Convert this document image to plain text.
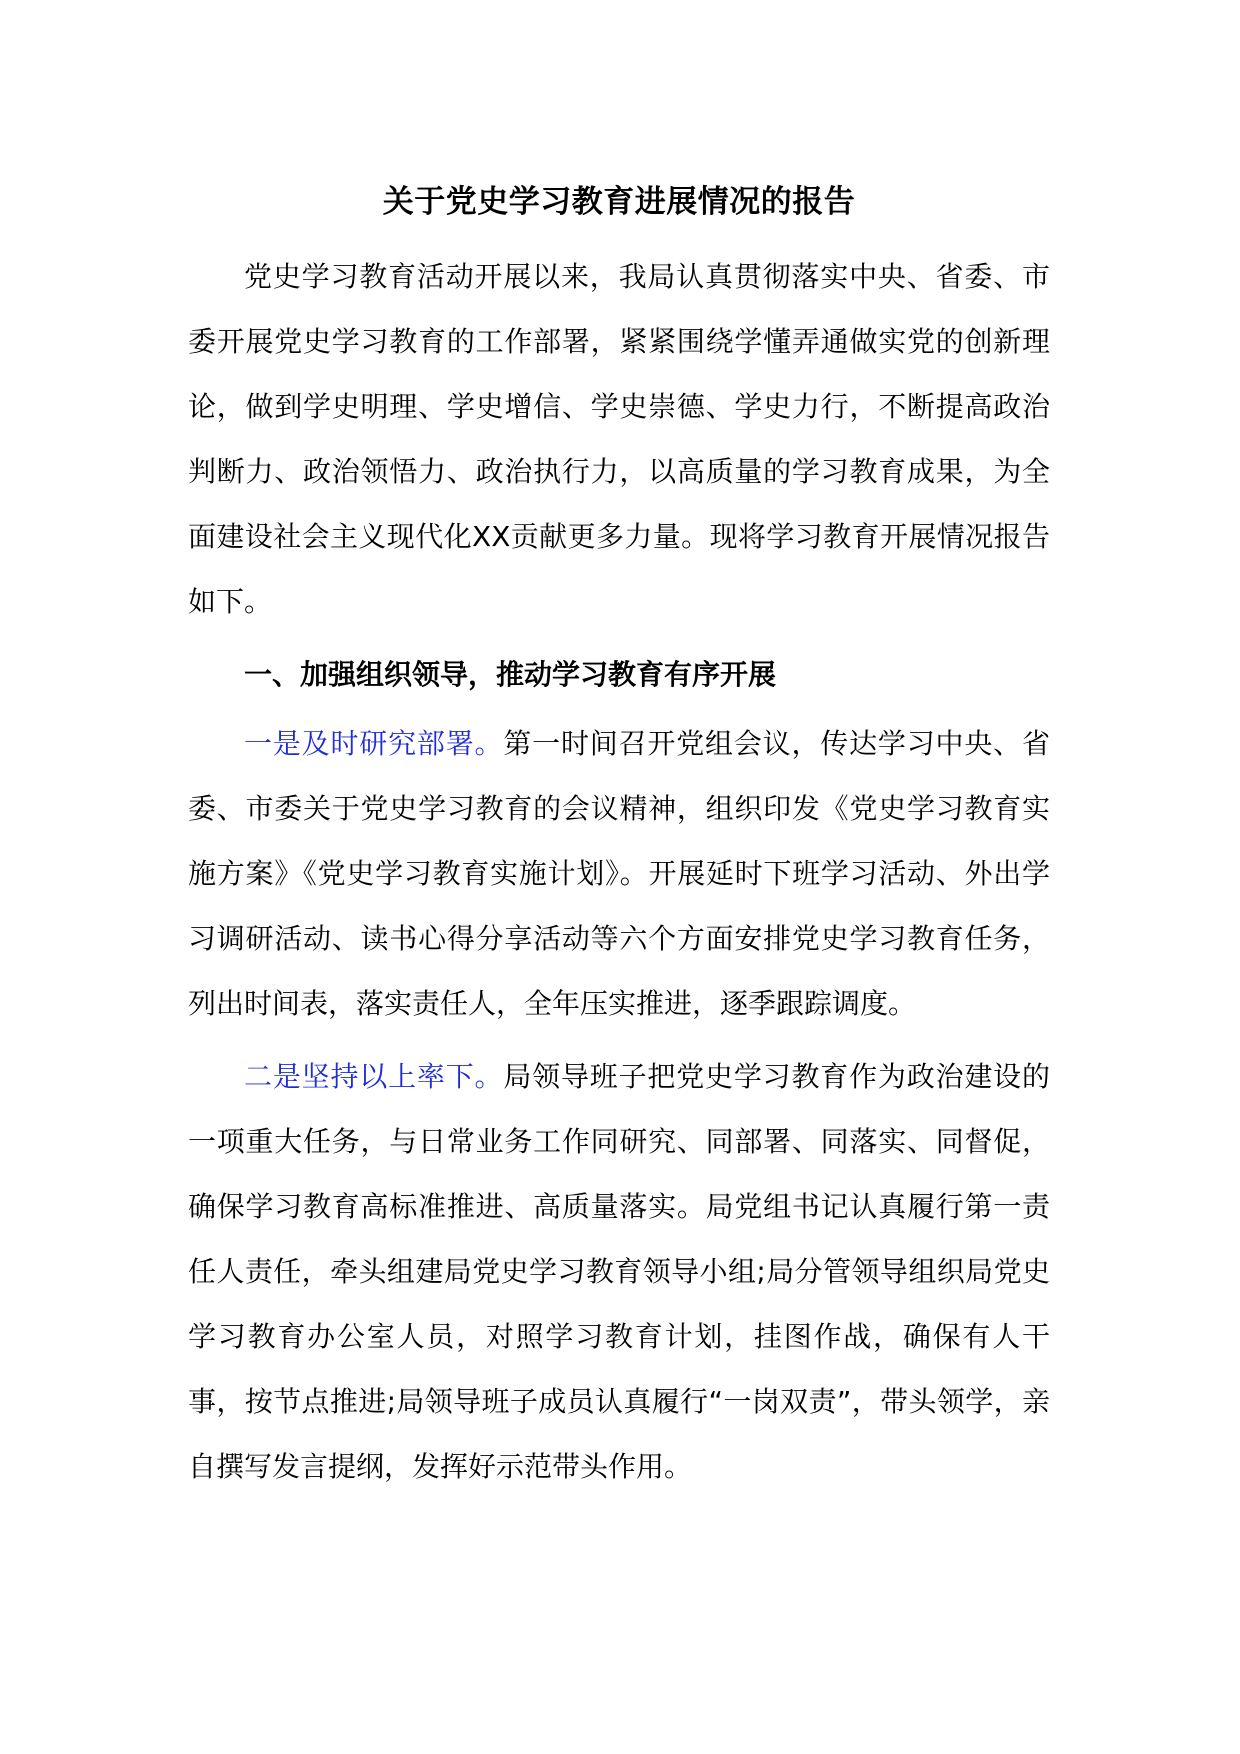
关于党史学习教育进展情况的报告

党史学习教育活动开展以来，我局认真贯彻落实中央、省委、市委开展党史学习教育的工作部署，紧紧围绕学懂弄通做实党的创新理论，做到学史明理、学史增信、学史崇德、学史力行，不断提高政治判断力、政治领悟力、政治执行力，以高质量的学习教育成果，为全面建设社会主义现代化XX贡献更多力量。现将学习教育开展情况报告如下。

一、加强组织领导，推动学习教育有序开展

一是及时研究部署。第一时间召开党组会议，传达学习中央、省委、市委关于党史学习教育的会议精神，组织印发《党史学习教育实施方案》《党史学习教育实施计划》。开展延时下班学习活动、外出学习调研活动、读书心得分享活动等六个方面安排党史学习教育任务，列出时间表，落实责任人，全年压实推进，逐季跟踪调度。

二是坚持以上率下。局领导班子把党史学习教育作为政治建设的一项重大任务，与日常业务工作同研究、同部署、同落实、同督促，确保学习教育高标准推进、高质量落实。局党组书记认真履行第一责任人责任，牵头组建局党史学习教育领导小组;局分管领导组织局党史学习教育办公室人员，对照学习教育计划，挂图作战，确保有人干事，按节点推进;局领导班子成员认真履行“一岗双责”，带头领学，亲自撰写发言提纲，发挥好示范带头作用。
